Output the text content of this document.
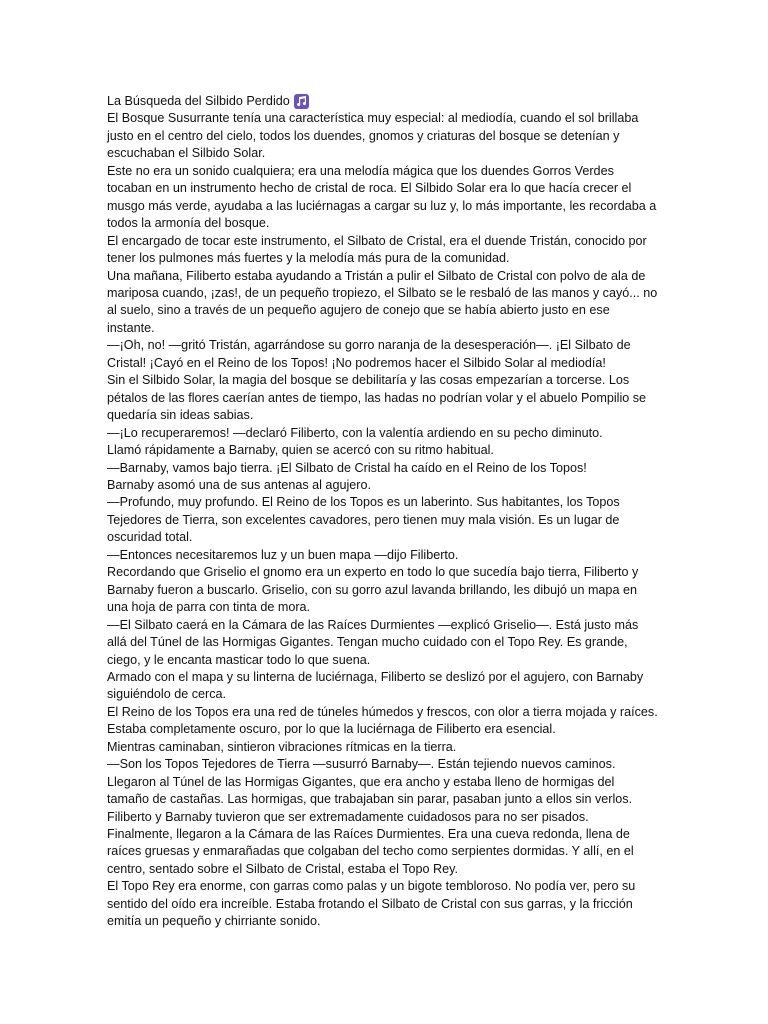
La Búsqueda del Silbido Perdido

El Bosque Susurrante tenía una característica muy especial: al mediodía, cuando el sol brillaba justo en el centro del cielo, todos los duendes, gnomos y criaturas del bosque se detenían y escuchaban el Silbido Solar.

Este no era un sonido cualquiera; era una melodía mágica que los duendes Gorros Verdes tocaban en un instrumento hecho de cristal de roca. El Silbido Solar era lo que hacía crecer el musgo más verde, ayudaba a las luciérnagas a cargar su luz y, lo más importante, les recordaba a todos la armonía del bosque.

El encargado de tocar este instrumento, el Silbato de Cristal, era el duende Tristán, conocido por tener los pulmones más fuertes y la melodía más pura de la comunidad.

Una mañana, Filiberto estaba ayudando a Tristán a pulir el Silbato de Cristal con polvo de ala de mariposa cuando, ¡zas!, de un pequeño tropiezo, el Silbato se le resbaló de las manos y cayó... no al suelo, sino a través de un pequeño agujero de conejo que se había abierto justo en ese instante.

—¡Oh, no! —gritó Tristán, agarrándose su gorro naranja de la desesperación—. ¡El Silbato de Cristal! ¡Cayó en el Reino de los Topos! ¡No podremos hacer el Silbido Solar al mediodía!

Sin el Silbido Solar, la magia del bosque se debilitaría y las cosas empezarían a torcerse. Los pétalos de las flores caerían antes de tiempo, las hadas no podrían volar y el abuelo Pompilio se quedaría sin ideas sabias.

—¡Lo recuperaremos! —declaró Filiberto, con la valentía ardiendo en su pecho diminuto.

Llamó rápidamente a Barnaby, quien se acercó con su ritmo habitual.

—Barnaby, vamos bajo tierra. ¡El Silbato de Cristal ha caído en el Reino de los Topos!

Barnaby asomó una de sus antenas al agujero.

—Profundo, muy profundo. El Reino de los Topos es un laberinto. Sus habitantes, los Topos Tejedores de Tierra, son excelentes cavadores, pero tienen muy mala visión. Es un lugar de oscuridad total.

—Entonces necesitaremos luz y un buen mapa —dijo Filiberto.

Recordando que Griselio el gnomo era un experto en todo lo que sucedía bajo tierra, Filiberto y Barnaby fueron a buscarlo. Griselio, con su gorro azul lavanda brillando, les dibujó un mapa en una hoja de parra con tinta de mora.

—El Silbato caerá en la Cámara de las Raíces Durmientes —explicó Griselio—. Está justo más allá del Túnel de las Hormigas Gigantes. Tengan mucho cuidado con el Topo Rey. Es grande, ciego, y le encanta masticar todo lo que suena.

Armado con el mapa y su linterna de luciérnaga, Filiberto se deslizó por el agujero, con Barnaby siguiéndolo de cerca.

El Reino de los Topos era una red de túneles húmedos y frescos, con olor a tierra mojada y raíces. Estaba completamente oscuro, por lo que la luciérnaga de Filiberto era esencial.

Mientras caminaban, sintieron vibraciones rítmicas en la tierra.

—Son los Topos Tejedores de Tierra —susurró Barnaby—. Están tejiendo nuevos caminos.

Llegaron al Túnel de las Hormigas Gigantes, que era ancho y estaba lleno de hormigas del tamaño de castañas. Las hormigas, que trabajaban sin parar, pasaban junto a ellos sin verlos. Filiberto y Barnaby tuvieron que ser extremadamente cuidadosos para no ser pisados.

Finalmente, llegaron a la Cámara de las Raíces Durmientes. Era una cueva redonda, llena de raíces gruesas y enmarañadas que colgaban del techo como serpientes dormidas. Y allí, en el centro, sentado sobre el Silbato de Cristal, estaba el Topo Rey.

El Topo Rey era enorme, con garras como palas y un bigote tembloroso. No podía ver, pero su sentido del oído era increíble. Estaba frotando el Silbato de Cristal con sus garras, y la fricción emitía un pequeño y chirriante sonido.
